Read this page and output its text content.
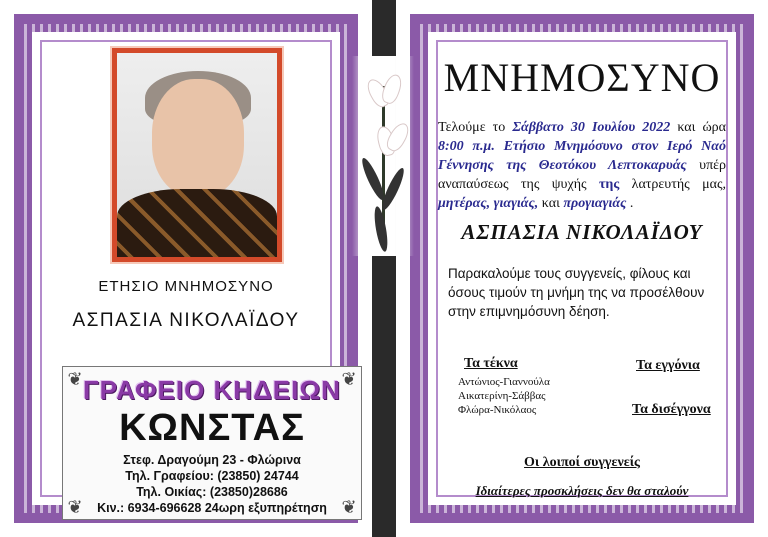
ΕΤΗΣΙΟ ΜΝΗΜΟΣΥΝΟ
ΑΣΠΑΣΙΑ ΝΙΚΟΛΑΪΔΟΥ
❦	❦
❦	❦
ΓΡΑΦΕΙΟ ΚΗΔΕΙΩΝ
ΚΩΝΣΤΑΣ
Στεφ. Δραγούμη 23 - Φλώρινα
Τηλ. Γραφείου: (23850) 24744
Τηλ. Οικίας: (23850)28686
Κιν.: 6934-696628 24ωρη εξυπηρέτηση
ΜΝΗΜΟΣΥΝΟ
Τελούμε το Σάββατο 30 Ιουλίου 2022 και ώρα 8:00 π.μ. Ετήσιο Μνημόσυνο στον Ιερό Ναό Γέννησης της Θεοτόκου Λεπτοκαρυάς υπέρ αναπαύσεως της ψυχής της λατρευτής μας, μητέρας, γιαγιάς, και προγιαγιάς .
ΑΣΠΑΣΙΑ ΝΙΚΟΛΑΪΔΟΥ
Παρακαλούμε τους συγγενείς, φίλους και όσους τιμούν τη μνήμη της να προσέλθουν στην επιμνημόσυνη δέηση.
Τα τέκνα
Αντώνιος-Γιαννούλα
Αικατερίνη-Σάββας
Φλώρα-Νικόλαος
Τα εγγόνια
Τα δισέγγονα
Οι λοιποί συγγενείς
Ιδιαίτερες προσκλήσεις δεν θα σταλούν
